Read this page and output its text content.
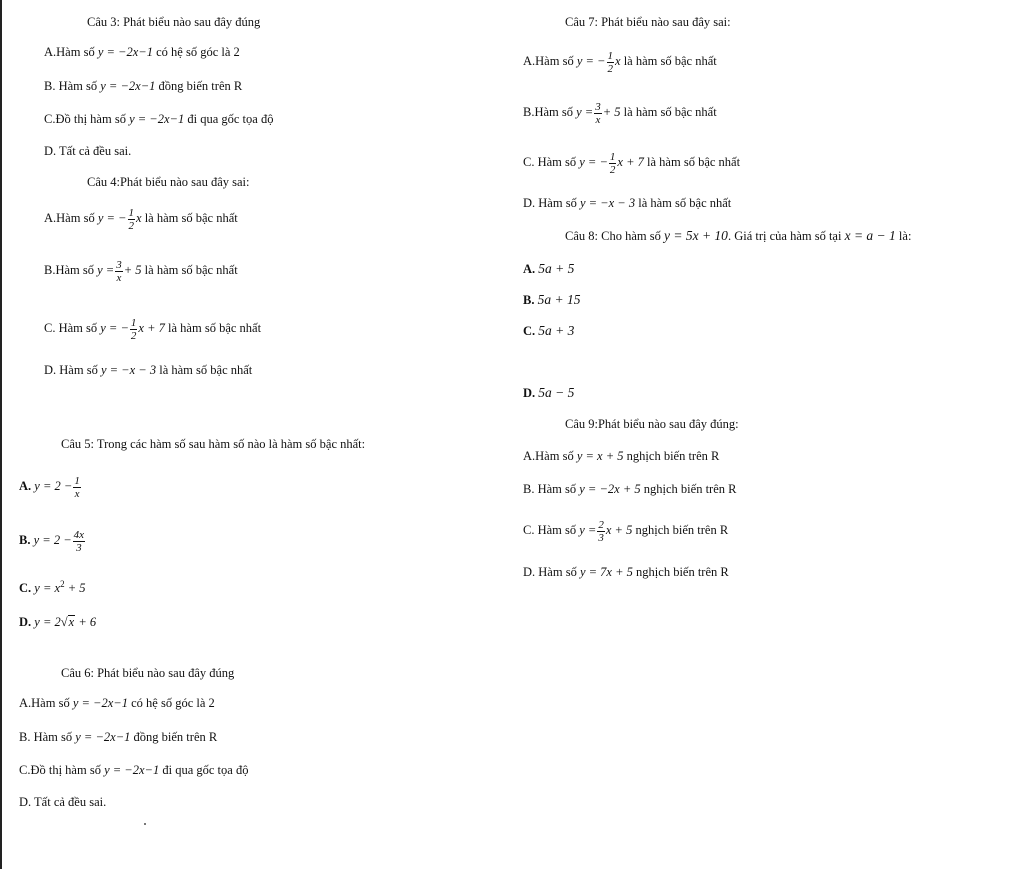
Câu 3: Phát biểu nào sau đây đúng
A.Hàm số y = −2x−1 có hệ số góc là 2
B. Hàm số y = −2x−1 đồng biến trên R
C.Đồ thị hàm số y = −2x−1 đi qua gốc tọa độ
D. Tất cả đều sai.
Câu 4:Phát biểu nào sau đây sai:
A.Hàm số y = − $\frac{1}{2}$ x là hàm số bậc nhất
B.Hàm số $y = \frac{3}{x} + 5$ là hàm số bậc nhất
C. Hàm số y = − $\frac{1}{2}$ x + 7 là hàm số bậc nhất
D. Hàm số y = −x − 3 là hàm số bậc nhất
Câu 5: Trong các hàm số sau hàm số nào là hàm số bậc nhất:
A. $y = 2 - \frac{1}{x}$
B. $y = 2 - \frac{4x}{3}$
C. $y = x^2 + 5$
D. y = 2√x + 6
Câu 6: Phát biểu nào sau đây đúng
A.Hàm số y = −2x−1 có hệ số góc là 2
B. Hàm số y = −2x−1 đồng biến trên R
C.Đồ thị hàm số y = −2x−1 đi qua gốc tọa độ
D. Tất cả đều sai.
Câu 7: Phát biểu nào sau đây sai:
A.Hàm số y = − $\frac{1}{2}$ x là hàm số bậc nhất
B.Hàm số $y = \frac{3}{x} + 5$ là hàm số bậc nhất
C. Hàm số y = − $\frac{1}{2}$ x + 7 là hàm số bậc nhất
D. Hàm số y = −x − 3 là hàm số bậc nhất
Câu 8: Cho hàm số y = 5x + 10. Giá trị của hàm số tại x = a − 1 là:
A. 5a + 5
B. 5a + 15
C. 5a + 3
D. 5a − 5
Câu 9:Phát biểu nào sau đây đúng:
A.Hàm số y = x + 5 nghịch biến trên R
B. Hàm số y = −2x + 5 nghịch biến trên R
C. Hàm số $y = \frac{2}{3}$ x + 5 nghịch biến trên R
D. Hàm số y = 7x + 5 nghịch biến trên R
